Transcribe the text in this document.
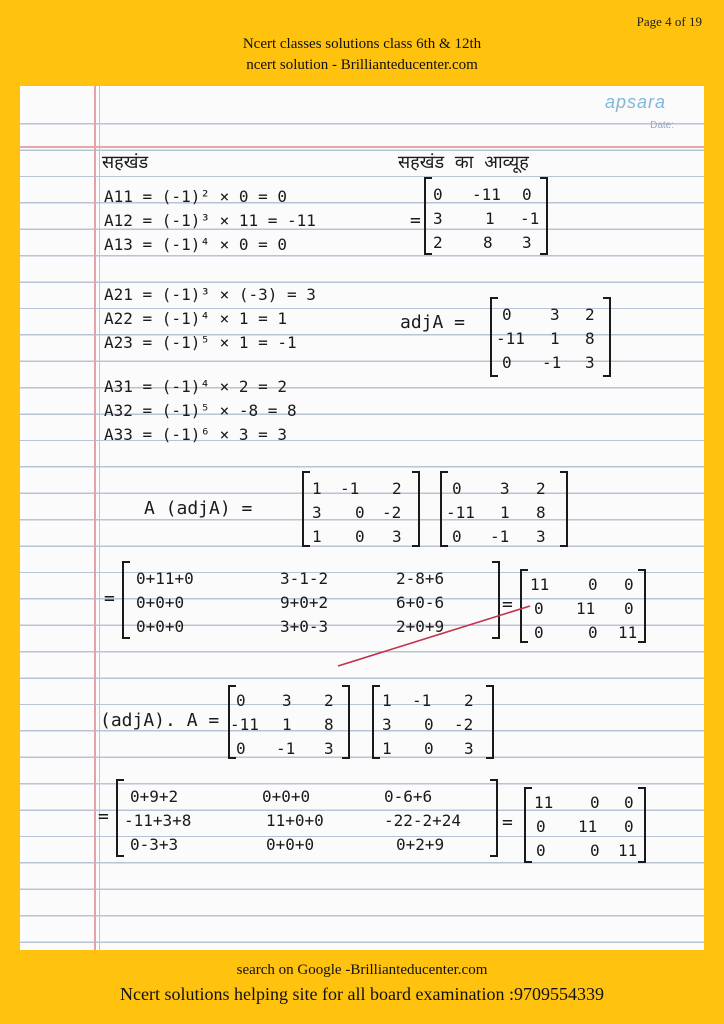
Page 4 of 19
Ncert classes solutions class 6th & 12th
ncert solution - Brillianteducenter.com
apsara
Date:
सहखंड	सहखंड का आव्यूह
A11 = (-1)² × 0 = 0
A12 = (-1)³ × 11 = -11
A13 = (-1)⁴ × 0 = 0
=
0 -11 0
3	1 -1
2	8 3
A21 = (-1)³ × (-3) = 3
A22 = (-1)⁴ × 1 = 1
A23 = (-1)⁵ × 1 = -1
adjA = 0 3 2
-11 1 8
0 -1 3
A31 = (-1)⁴ × 2 = 2
A32 = (-1)⁵ × -8 = 8
A33 = (-1)⁶ × 3 = 3
A (adjA) =
1 -1 2
3 0 -2
1 0 3
0 3 2
-11 1 8
0 -1 3
=
0+11+0	3-1-2	2-8+6
0+0+0	9+0+2	6+0-6
0+0+0	3+0-3	2+0+9
=
11 0 0
0 11 0
0	0 11
(adjA). A =
0 3 2
-11 1 8
0 -1 3
1 -1 2
3 0 -2
1 0 3
=
0+9+2	0+0+0	0-6+6
-11+3+8	11+0+0	-22-2+24
0-3+3	0+0+0	0+2+9
=
11 0 0
0 11 0
0	0 11
search on Google -Brillianteducenter.com
Ncert solutions helping site for all board examination :9709554339
